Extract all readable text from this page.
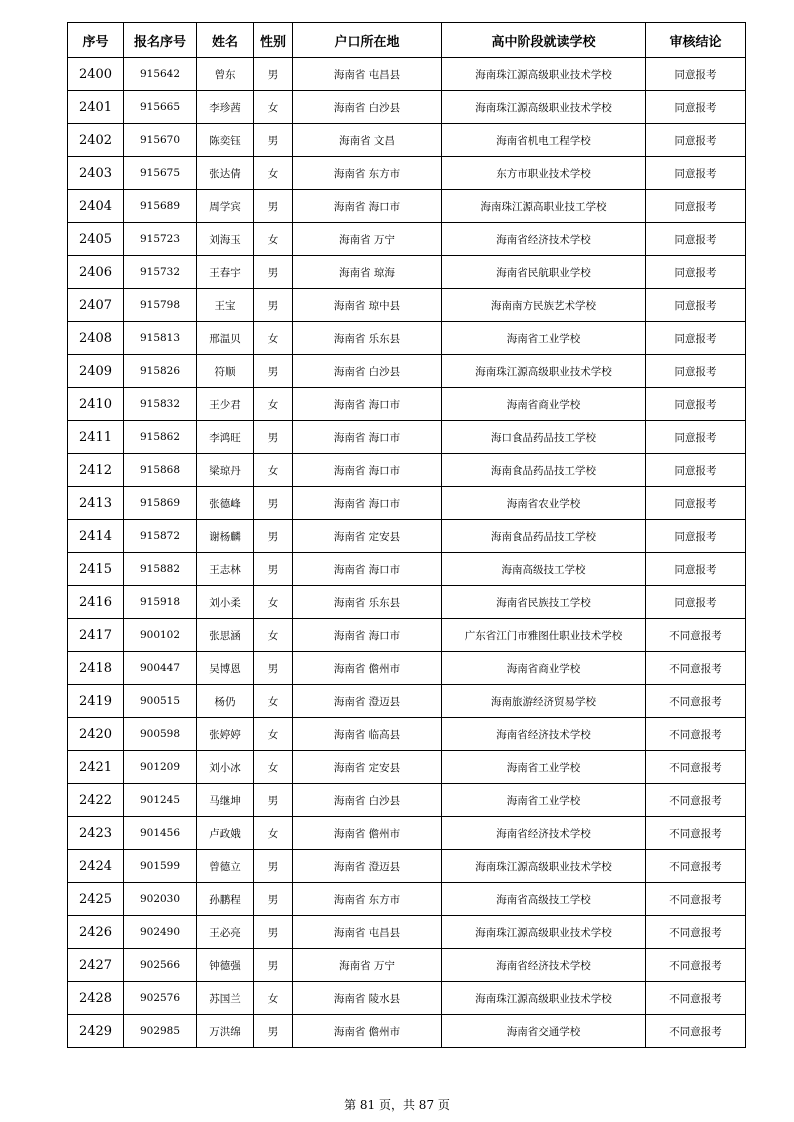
序号	报名序号	姓名	性别	户口所在地	高中阶段就读学校	审核结论
2400	915642	曾东	男	海南省 屯昌县	海南珠江源高级职业技术学校	同意报考
2401	915665	李珍茜	女	海南省 白沙县	海南珠江源高级职业技术学校	同意报考
2402	915670	陈奕钰	男	海南省 文昌	海南省机电工程学校	同意报考
2403	915675	张达倩	女	海南省 东方市	东方市职业技术学校	同意报考
2404	915689	周学宾	男	海南省 海口市	海南珠江源高职业技工学校	同意报考
2405	915723	刘海玉	女	海南省 万宁	海南省经济技术学校	同意报考
2406	915732	王春宇	男	海南省 琼海	海南省民航职业学校	同意报考
2407	915798	王宝	男	海南省 琼中县	海南南方民族艺术学校	同意报考
2408	915813	邢温贝	女	海南省 乐东县	海南省工业学校	同意报考
2409	915826	符顺	男	海南省 白沙县	海南珠江源高级职业技术学校	同意报考
2410	915832	王少君	女	海南省 海口市	海南省商业学校	同意报考
2411	915862	李鸿旺	男	海南省 海口市	海口食品药品技工学校	同意报考
2412	915868	梁琼丹	女	海南省 海口市	海南食品药品技工学校	同意报考
2413	915869	张德峰	男	海南省 海口市	海南省农业学校	同意报考
2414	915872	谢杨麟	男	海南省 定安县	海南食品药品技工学校	同意报考
2415	915882	王志林	男	海南省 海口市	海南高级技工学校	同意报考
2416	915918	刘小柔	女	海南省 乐东县	海南省民族技工学校	同意报考
2417	900102	张思涵	女	海南省 海口市	广东省江门市雅图仕职业技术学校	不同意报考
2418	900447	吴博恩	男	海南省 儋州市	海南省商业学校	不同意报考
2419	900515	杨仍	女	海南省 澄迈县	海南旅游经济贸易学校	不同意报考
2420	900598	张婷婷	女	海南省 临高县	海南省经济技术学校	不同意报考
2421	901209	刘小冰	女	海南省 定安县	海南省工业学校	不同意报考
2422	901245	马继坤	男	海南省 白沙县	海南省工业学校	不同意报考
2423	901456	卢政娥	女	海南省 儋州市	海南省经济技术学校	不同意报考
2424	901599	曾德立	男	海南省 澄迈县	海南珠江源高级职业技术学校	不同意报考
2425	902030	孙鹏程	男	海南省 东方市	海南省高级技工学校	不同意报考
2426	902490	王必亮	男	海南省 屯昌县	海南珠江源高级职业技术学校	不同意报考
2427	902566	钟德强	男	海南省 万宁	海南省经济技术学校	不同意报考
2428	902576	苏国兰	女	海南省 陵水县	海南珠江源高级职业技术学校	不同意报考
2429	902985	万洪绵	男	海南省 儋州市	海南省交通学校	不同意报考
第 81 页，共 87 页
